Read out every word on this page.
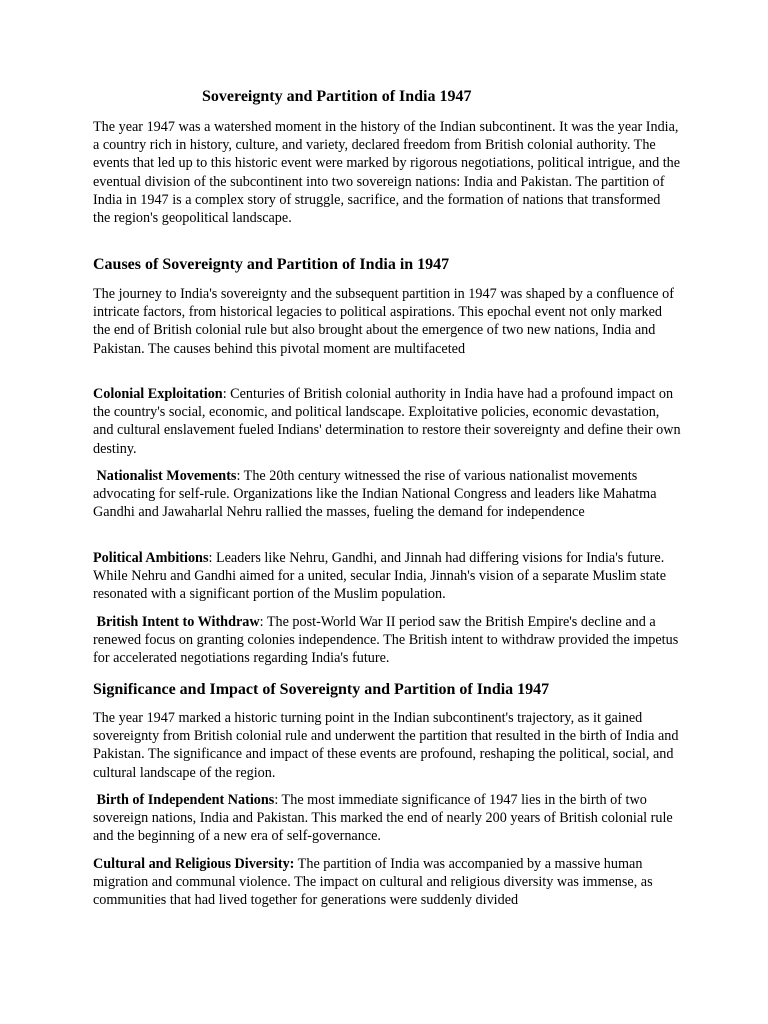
Sovereignty and Partition of India 1947

The year 1947 was a watershed moment in the history of the Indian subcontinent. It was the year India, a country rich in history, culture, and variety, declared freedom from British colonial authority. The events that led up to this historic event were marked by rigorous negotiations, political intrigue, and the eventual division of the subcontinent into two sovereign nations: India and Pakistan. The partition of India in 1947 is a complex story of struggle, sacrifice, and the formation of nations that transformed the region's geopolitical landscape.

Causes of Sovereignty and Partition of India in 1947

The journey to India's sovereignty and the subsequent partition in 1947 was shaped by a confluence of intricate factors, from historical legacies to political aspirations. This epochal event not only marked the end of British colonial rule but also brought about the emergence of two new nations, India and Pakistan. The causes behind this pivotal moment are multifaceted

Colonial Exploitation: Centuries of British colonial authority in India have had a profound impact on the country's social, economic, and political landscape. Exploitative policies, economic devastation, and cultural enslavement fueled Indians' determination to restore their sovereignty and define their own destiny.

Nationalist Movements: The 20th century witnessed the rise of various nationalist movements advocating for self-rule. Organizations like the Indian National Congress and leaders like Mahatma Gandhi and Jawaharlal Nehru rallied the masses, fueling the demand for independence

Political Ambitions: Leaders like Nehru, Gandhi, and Jinnah had differing visions for India's future. While Nehru and Gandhi aimed for a united, secular India, Jinnah's vision of a separate Muslim state resonated with a significant portion of the Muslim population.

British Intent to Withdraw: The post-World War II period saw the British Empire's decline and a renewed focus on granting colonies independence. The British intent to withdraw provided the impetus for accelerated negotiations regarding India's future.

Significance and Impact of Sovereignty and Partition of India 1947

The year 1947 marked a historic turning point in the Indian subcontinent's trajectory, as it gained sovereignty from British colonial rule and underwent the partition that resulted in the birth of India and Pakistan. The significance and impact of these events are profound, reshaping the political, social, and cultural landscape of the region.

Birth of Independent Nations: The most immediate significance of 1947 lies in the birth of two sovereign nations, India and Pakistan. This marked the end of nearly 200 years of British colonial rule and the beginning of a new era of self-governance.

Cultural and Religious Diversity: The partition of India was accompanied by a massive human migration and communal violence. The impact on cultural and religious diversity was immense, as communities that had lived together for generations were suddenly divided
